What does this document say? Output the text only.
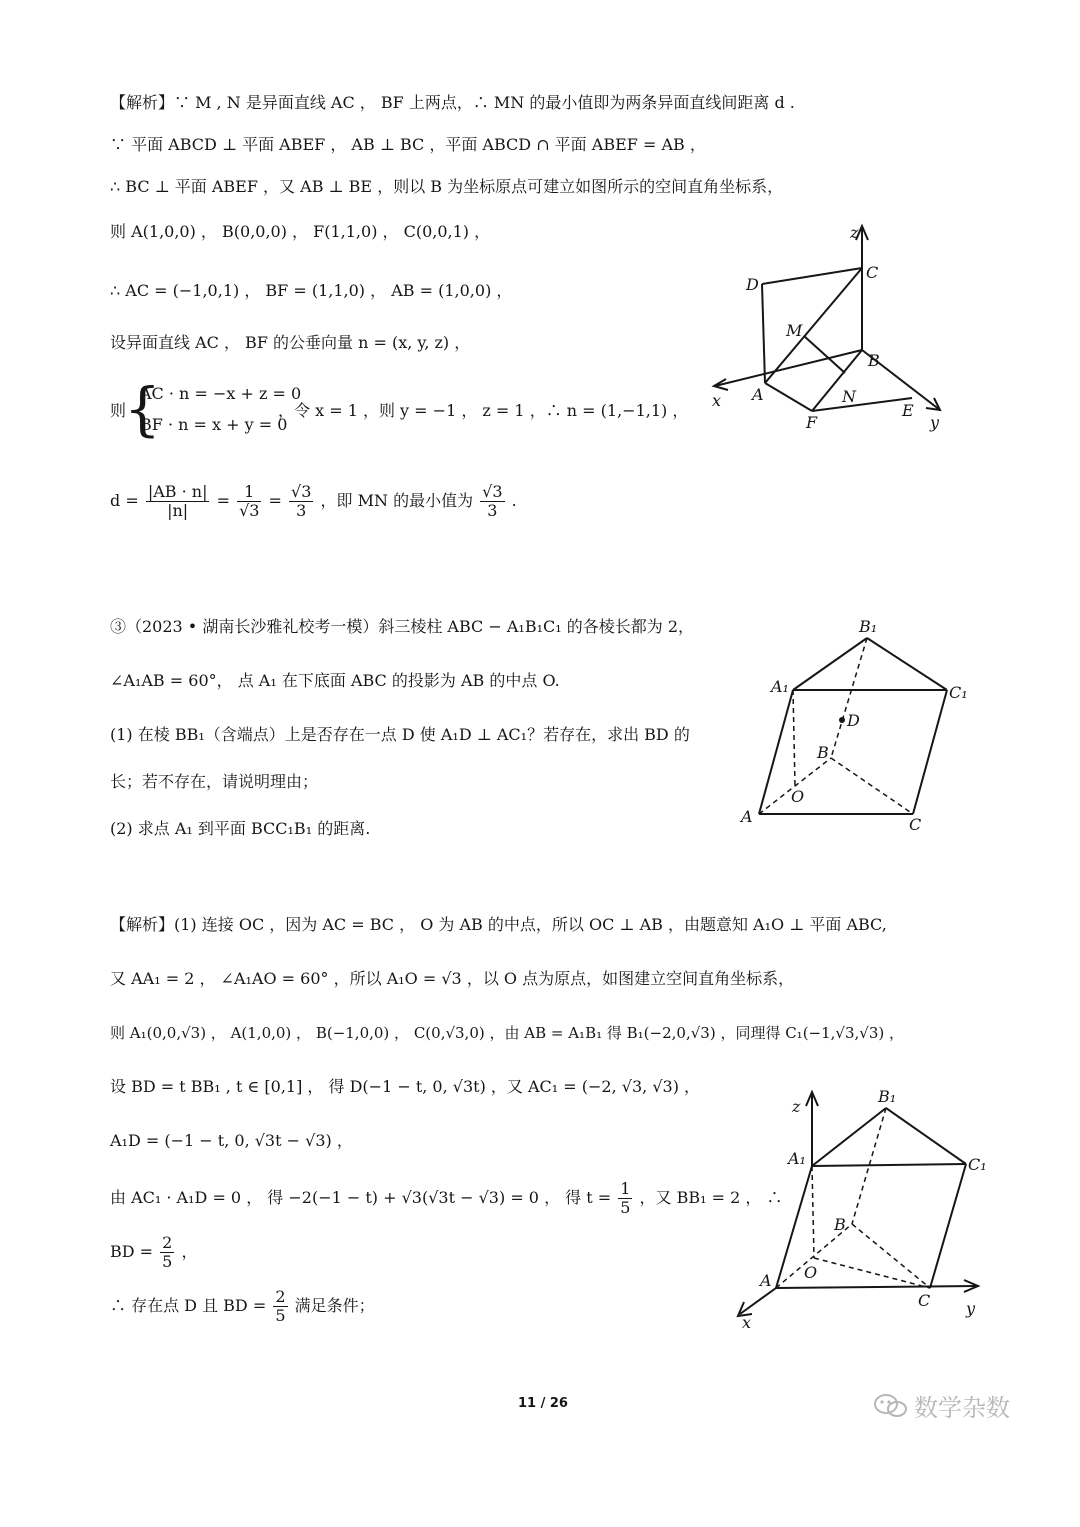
【解析】∵ M , N 是异面直线 AC ， BF 上两点，∴ MN 的最小值即为两条异面直线间距离 d .
∵ 平面 ABCD ⊥ 平面 ABEF ， AB ⊥ BC ，平面 ABCD ∩ 平面 ABEF = AB ，
∴ BC ⊥ 平面 ABEF ，又 AB ⊥ BE ，则以 B 为坐标原点可建立如图所示的空间直角坐标系，
则 A(1,0,0) ， B(0,0,0) ， F(1,1,0) ， C(0,0,1) ，
∴ AC = (−1,0,1) ， BF = (1,1,0) ， AB = (1,0,0) ，
设异面直线 AC ， BF 的公垂向量 n = (x, y, z) ，
则
{
AC · n = −x + z = 0
BF · n = x + y = 0
，令 x = 1 ，则 y = −1 ， z = 1 ，∴ n = (1,−1,1) ，
$d = \frac{|AB \cdot n|}{|n|} = \frac{1}{√3} = \frac{√3}{3}$ ，即 MN 的最小值为 $\frac{√3}{3}$ .
z
C
D
M
B
x A	N
E
y
F
③（2023 • 湖南长沙雅礼校考一模）斜三棱柱 ABC − A₁B₁C₁ 的各棱长都为 2，
∠A₁AB = 60°， 点 A₁ 在下底面 ABC 的投影为 AB 的中点 O.
(1) 在棱 BB₁（含端点）上是否存在一点 D 使 A₁D ⊥ AC₁？若存在，求出 BD 的
长；若不存在，请说明理由；
(2) 求点 A₁ 到平面 BCC₁B₁ 的距离.
B₁
A₁	C₁
D
B
O
A	C
【解析】(1) 连接 OC ，因为 AC = BC ， O 为 AB 的中点，所以 OC ⊥ AB ，由题意知 A₁O ⊥ 平面 ABC,
又 AA₁ = 2 ， ∠A₁AO = 60° ，所以 A₁O = √3 ，以 O 点为原点，如图建立空间直角坐标系，
则 A₁(0,0,√3) ， A(1,0,0) ， B(−1,0,0) ， C(0,√3,0) ，由 AB = A₁B₁ 得 B₁(−2,0,√3) ，同理得 C₁(−1,√3,√3) ，
设 BD = t BB₁ , t ∈ [0,1] ， 得 D(−1 − t, 0, √3t) ，又 AC₁ = (−2, √3, √3) ，
A₁D = (−1 − t, 0, √3t − √3) ，
由 AC₁ · A₁D = 0 ， 得 −2(−1 − t) + √3(√3t − √3) = 0 ， 得 $t = \frac{1}{5}$ ，又 BB₁ = 2 ， ∴
BD = $\frac{2}{5}$ ，
∴ 存在点 D 且 BD = $\frac{2}{5}$ 满足条件；
B₁
z
A₁	C₁
B
A O
C
x
y
11 / 26	数学杂数
